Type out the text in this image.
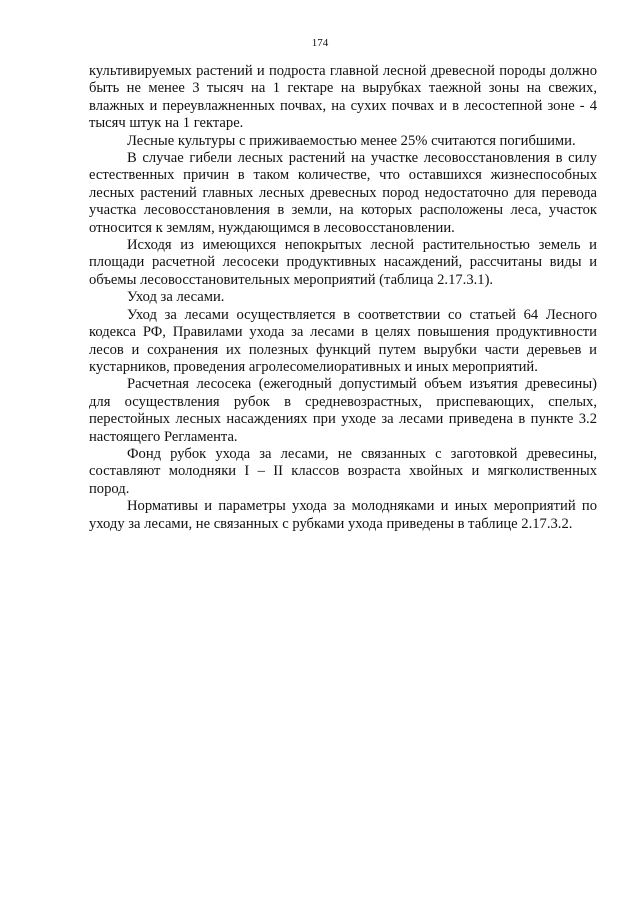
174

культивируемых растений и подроста главной лесной древесной породы должно быть не менее 3 тысяч на 1 гектаре на вырубках таежной зоны на свежих, влажных и переувлажненных почвах, на сухих почвах и в лесостепной зоне - 4 тысяч штук на 1 гектаре.

Лесные культуры с приживаемостью менее 25% считаются погибшими.

В случае гибели лесных растений на участке лесовосстановления в силу естественных причин в таком количестве, что оставшихся жизнеспособных лесных растений главных лесных древесных пород недостаточно для перевода участка лесовосстановления в земли, на которых расположены леса, участок относится к землям, нуждающимся в лесовосстановлении.

Исходя из имеющихся непокрытых лесной растительностью земель и площади расчетной лесосеки продуктивных насаждений, рассчитаны виды и объемы лесовосстановительных мероприятий (таблица 2.17.3.1).

Уход за лесами.

Уход за лесами осуществляется в соответствии со статьей 64 Лесного кодекса РФ, Правилами ухода за лесами в целях повышения продуктивности лесов и сохранения их полезных функций путем вырубки части деревьев и кустарников, проведения агролесомелиоративных и иных мероприятий.

Расчетная лесосека (ежегодный допустимый объем изъятия древесины) для осуществления рубок в средневозрастных, приспевающих, спелых, перестойных лесных насаждениях при уходе за лесами приведена в пункте 3.2 настоящего Регламента.

Фонд рубок ухода за лесами, не связанных с заготовкой древесины, составляют молодняки I – II классов возраста хвойных и мягколиственных пород.

Нормативы и параметры ухода за молодняками и иных мероприятий по уходу за лесами, не связанных с рубками ухода приведены в таблице 2.17.3.2.
